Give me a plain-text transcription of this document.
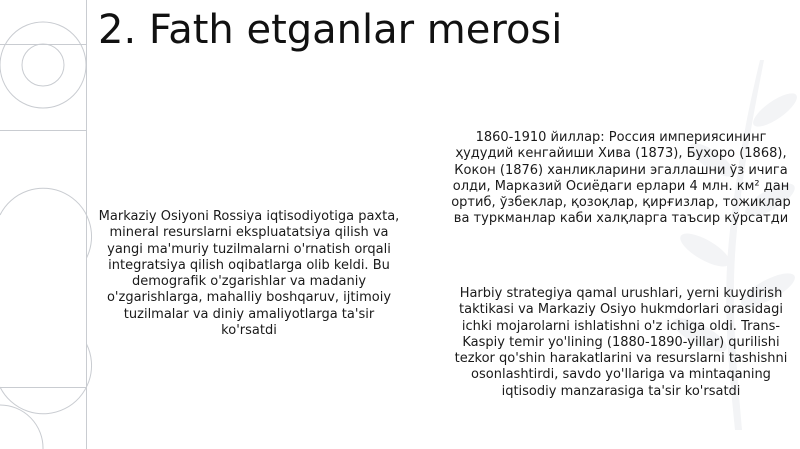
2. Fath etganlar merosi

Markaziy Osiyoni Rossiya iqtisodiyotiga paxta, mineral resurslarni ekspluatatsiya qilish va yangi ma'muriy tuzilmalarni o'rnatish orqali integratsiya qilish oqibatlarga olib keldi. Bu demografik o'zgarishlar va madaniy o'zgarishlarga, mahalliy boshqaruv, ijtimoiy tuzilmalar va diniy amaliyotlarga ta'sir ko'rsatdi

1860-1910 йиллар: Россия империясининг ҳудудий кенгайиши Хива (1873), Бухоро (1868), Кокон (1876) ханликларини эгаллашни ўз ичига олди, Марказий Осиёдаги ерлари 4 млн. км² дан ортиб, ўзбеклар, қозоқлар, қирғизлар, тожиклар ва туркманлар каби халқларга таъсир кўрсатди

Harbiy strategiya qamal urushlari, yerni kuydirish taktikasi va Markaziy Osiyo hukmdorlari orasidagi ichki mojarolarni ishlatishni o'z ichiga oldi. Trans-Kaspiy temir yo'lining (1880-1890-yillar) qurilishi tezkor qo'shin harakatlarini va resurslarni tashishni osonlashtirdi, savdo yo'llariga va mintaqaning iqtisodiy manzarasiga ta'sir ko'rsatdi
